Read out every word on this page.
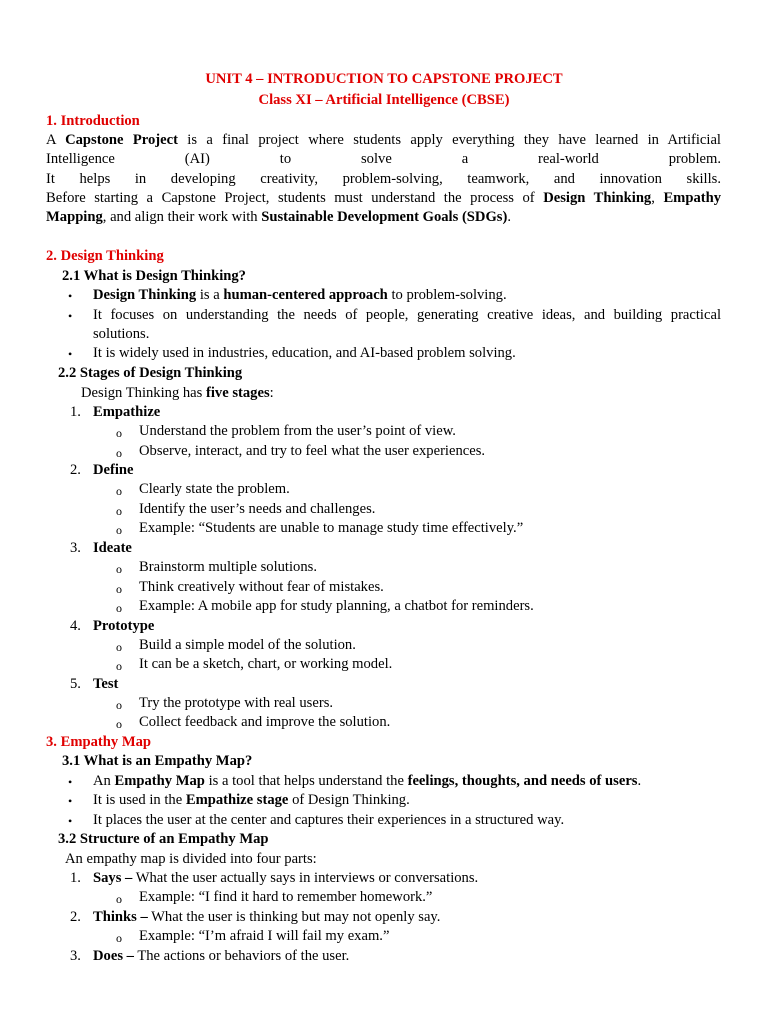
UNIT 4 – INTRODUCTION TO CAPSTONE PROJECT
Class XI – Artificial Intelligence (CBSE)
1. Introduction
A Capstone Project is a final project where students apply everything they have learned in Artificial
Intelligence	(AI)	to	solve	a	real-world	problem.
It helps in developing creativity, problem-solving, teamwork, and innovation skills.
Before starting a Capstone Project, students must understand the process of Design Thinking, Empathy
Mapping, and align their work with Sustainable Development Goals (SDGs).
2. Design Thinking
2.1 What is Design Thinking?
• Design Thinking is a human-centered approach to problem-solving.
• It focuses on understanding the needs of people, generating creative ideas, and building practical
solutions.
• It is widely used in industries, education, and AI-based problem solving.
2.2 Stages of Design Thinking
Design Thinking has five stages:
1. Empathize
o Understand the problem from the user’s point of view.
o Observe, interact, and try to feel what the user experiences.
2. Define
o Clearly state the problem.
o Identify the user’s needs and challenges.
o Example: “Students are unable to manage study time effectively.”
3. Ideate
o Brainstorm multiple solutions.
o Think creatively without fear of mistakes.
o Example: A mobile app for study planning, a chatbot for reminders.
4. Prototype
o Build a simple model of the solution.
o It can be a sketch, chart, or working model.
5. Test
o Try the prototype with real users.
o Collect feedback and improve the solution.
3. Empathy Map
3.1 What is an Empathy Map?
• An Empathy Map is a tool that helps understand the feelings, thoughts, and needs of users.
• It is used in the Empathize stage of Design Thinking.
• It places the user at the center and captures their experiences in a structured way.
3.2 Structure of an Empathy Map
An empathy map is divided into four parts:
1. Says – What the user actually says in interviews or conversations.
o Example: “I find it hard to remember homework.”
2. Thinks – What the user is thinking but may not openly say.
o Example: “I’m afraid I will fail my exam.”
3. Does – The actions or behaviors of the user.
